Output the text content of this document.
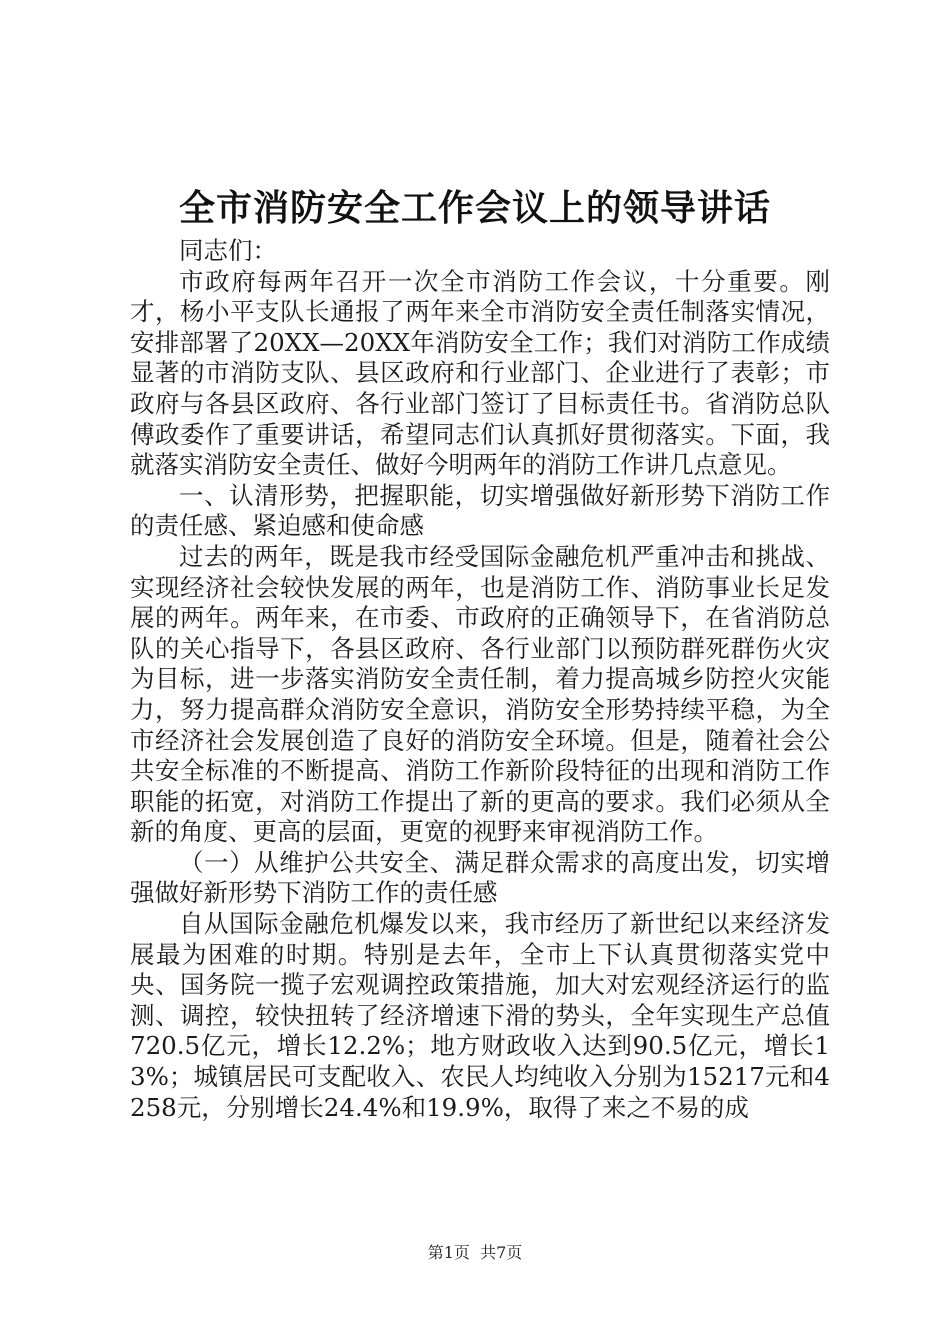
全市消防安全工作会议上的领导讲话

同志们：

市政府每两年召开一次全市消防工作会议，十分重要。刚才，杨小平支队长通报了两年来全市消防安全责任制落实情况，安排部署了20XX—20XX年消防安全工作；我们对消防工作成绩显著的市消防支队、县区政府和行业部门、企业进行了表彰；市政府与各县区政府、各行业部门签订了目标责任书。省消防总队傅政委作了重要讲话，希望同志们认真抓好贯彻落实。下面，我就落实消防安全责任、做好今明两年的消防工作讲几点意见。

一、认清形势，把握职能，切实增强做好新形势下消防工作的责任感、紧迫感和使命感

过去的两年，既是我市经受国际金融危机严重冲击和挑战、实现经济社会较快发展的两年，也是消防工作、消防事业长足发展的两年。两年来，在市委、市政府的正确领导下，在省消防总队的关心指导下，各县区政府、各行业部门以预防群死群伤火灾为目标，进一步落实消防安全责任制，着力提高城乡防控火灾能力，努力提高群众消防安全意识，消防安全形势持续平稳，为全市经济社会发展创造了良好的消防安全环境。但是，随着社会公共安全标准的不断提高、消防工作新阶段特征的出现和消防工作职能的拓宽，对消防工作提出了新的更高的要求。我们必须从全新的角度、更高的层面，更宽的视野来审视消防工作。

（一）从维护公共安全、满足群众需求的高度出发，切实增强做好新形势下消防工作的责任感

自从国际金融危机爆发以来，我市经历了新世纪以来经济发展最为困难的时期。特别是去年，全市上下认真贯彻落实党中央、国务院一揽子宏观调控政策措施，加大对宏观经济运行的监测、调控，较快扭转了经济增速下滑的势头，全年实现生产总值720.5亿元，增长12.2%；地方财政收入达到90.5亿元，增长13%；城镇居民可支配收入、农民人均纯收入分别为15217元和4258元，分别增长24.4%和19.9%，取得了来之不易的成

第1页  共7页
